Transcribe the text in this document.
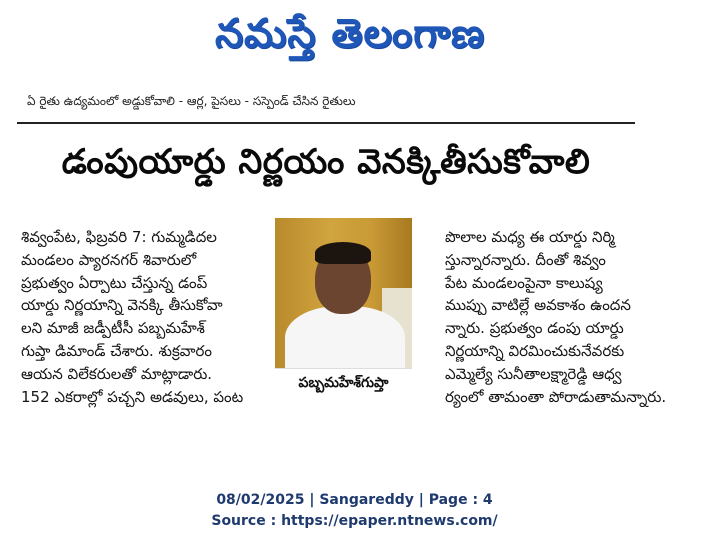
నమస్తే తెలంగాణ
ఏ రైతు ఉద్యమంలో అడ్డుకోవాలి - ఆర్ల, పైసలు - సస్పెండ్ చేసిన రైతులు
డంపుయార్డు నిర్ణయం వెనక్కితీసుకోవాలి
శివ్వంపేట, ఫిబ్రవరి 7: గుమ్మడిదల
మండలం ప్యారనగర్ శివారులో
ప్రభుత్వం ఏర్పాటు చేస్తున్న డంప్
యార్డు నిర్ణయాన్ని వెనక్కి తీసుకోవా
లని మాజీ జడ్పీటీసీ పబ్బమహేశ్
గుప్తా డిమాండ్ చేశారు. శుక్రవారం
ఆయన విలేకరులతో మాట్లాడారు.
152 ఎకరాల్లో పచ్చని అడవులు, పంట
పబ్బమహేశ్‌గుప్తా
పొలాల మధ్య ఈ యార్డు నిర్మి
స్తున్నారన్నారు. దీంతో శివ్వం
పేట మండలంపైనా కాలుష్య
ముప్పు వాటిల్లే అవకాశం ఉందన
న్నారు. ప్రభుత్వం డంపు యార్డు
నిర్ణయాన్ని విరమించుకునేవరకు
ఎమ్మెల్యే సునీతాలక్ష్మారెడ్డి ఆధ్వ
ర్యంలో తామంతా పోరాడుతామన్నారు.
08/02/2025 | Sangareddy | Page : 4
Source : https://epaper.ntnews.com/
